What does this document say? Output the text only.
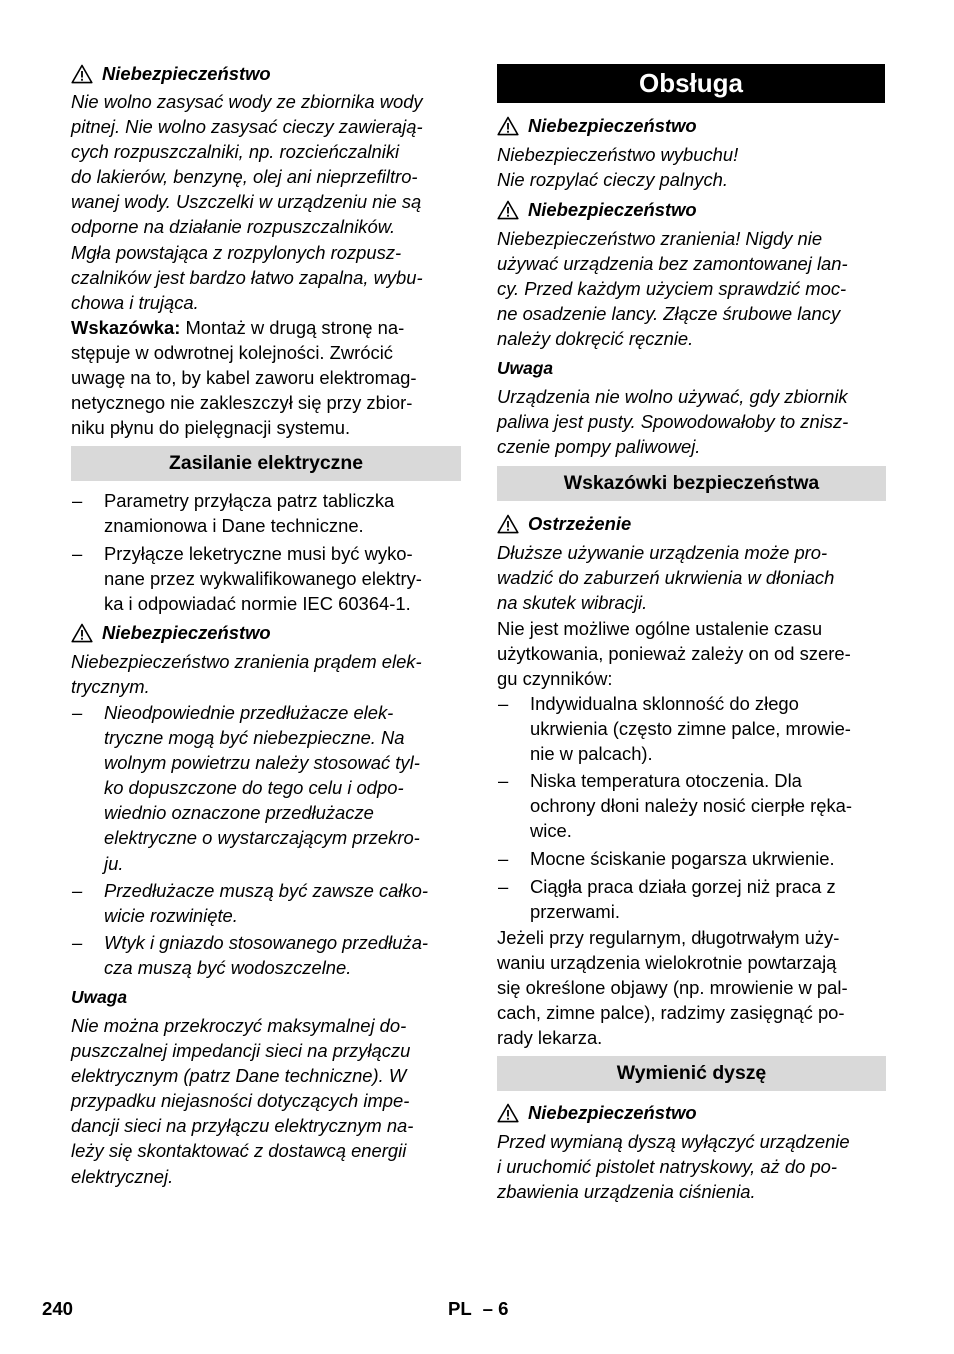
Niebezpieczeństwo
Nie wolno zasysać wody ze zbiornika wody
pitnej. Nie wolno zasysać cieczy zawierają-
cych rozpuszczalniki, np. rozcieńczalniki
do lakierów, benzynę, olej ani nieprzefiltro-
wanej wody. Uszczelki w urządzeniu nie są
odporne na działanie rozpuszczalników.
Mgła powstająca z rozpylonych rozpusz-
czalników jest bardzo łatwo zapalna, wybu-
chowa i trująca.
Wskazówka: Montaż w drugą stronę na-
stępuje w odwrotnej kolejności. Zwrócić
uwagę na to, by kabel zaworu elektromag-
netycznego nie zakleszczył się przy zbior-
niku płynu do pielęgnacji systemu.
Zasilanie elektryczne
–	Parametry przyłącza patrz tabliczka
znamionowa i Dane techniczne.
–	Przyłącze leketryczne musi być wyko-
nane przez wykwalifikowanego elektry-
ka i odpowiadać normie IEC 60364-1.
Niebezpieczeństwo
Niebezpieczeństwo zranienia prądem elek-
trycznym.
–	Nieodpowiednie przedłużacze elek-
tryczne mogą być niebezpieczne. Na
wolnym powietrzu należy stosować tyl-
ko dopuszczone do tego celu i odpo-
wiednio oznaczone przedłużacze
elektryczne o wystarczającym przekro-
ju.
–	Przedłużacze muszą być zawsze całko-
wicie rozwinięte.
–	Wtyk i gniazdo stosowanego przedłuża-
cza muszą być wodoszczelne.
Uwaga
Nie można przekroczyć maksymalnej do-
puszczalnej impedancji sieci na przyłączu
elektrycznym (patrz Dane techniczne). W
przypadku niejasności dotyczących impe-
dancji sieci na przyłączu elektrycznym na-
leży się skontaktować z dostawcą energii
elektrycznej.
Obsługa
Niebezpieczeństwo
Niebezpieczeństwo wybuchu!
Nie rozpylać cieczy palnych.
Niebezpieczeństwo
Niebezpieczeństwo zranienia! Nigdy nie
używać urządzenia bez zamontowanej lan-
cy. Przed każdym użyciem sprawdzić moc-
ne osadzenie lancy. Złącze śrubowe lancy
należy dokręcić ręcznie.
Uwaga
Urządzenia nie wolno używać, gdy zbiornik
paliwa jest pusty. Spowodowałoby to znisz-
czenie pompy paliwowej.
Wskazówki bezpieczeństwa
Ostrzeżenie
Dłuższe używanie urządzenia może pro-
wadzić do zaburzeń ukrwienia w dłoniach
na skutek wibracji.
Nie jest możliwe ogólne ustalenie czasu
użytkowania, ponieważ zależy on od szere-
gu czynników:
–	Indywidualna sklonność do złego
ukrwienia (często zimne palce, mrowie-
nie w palcach).
–	Niska temperatura otoczenia. Dla
ochrony dłoni należy nosić cierpłe ręka-
wice.
–	Mocne ściskanie pogarsza ukrwienie.
–	Ciągła praca działa gorzej niż praca z
przerwami.
Jeżeli przy regularnym, długotrwałym uży-
waniu urządzenia wielokrotnie powtarzają
się określone objawy (np. mrowienie w pal-
cach, zimne palce), radzimy zasięgnąć po-
rady lekarza.
Wymienić dyszę
Niebezpieczeństwo
Przed wymianą dyszą wyłączyć urządzenie
i uruchomić pistolet natryskowy, aż do po-
zbawienia urządzenia ciśnienia.
240	PL – 6
